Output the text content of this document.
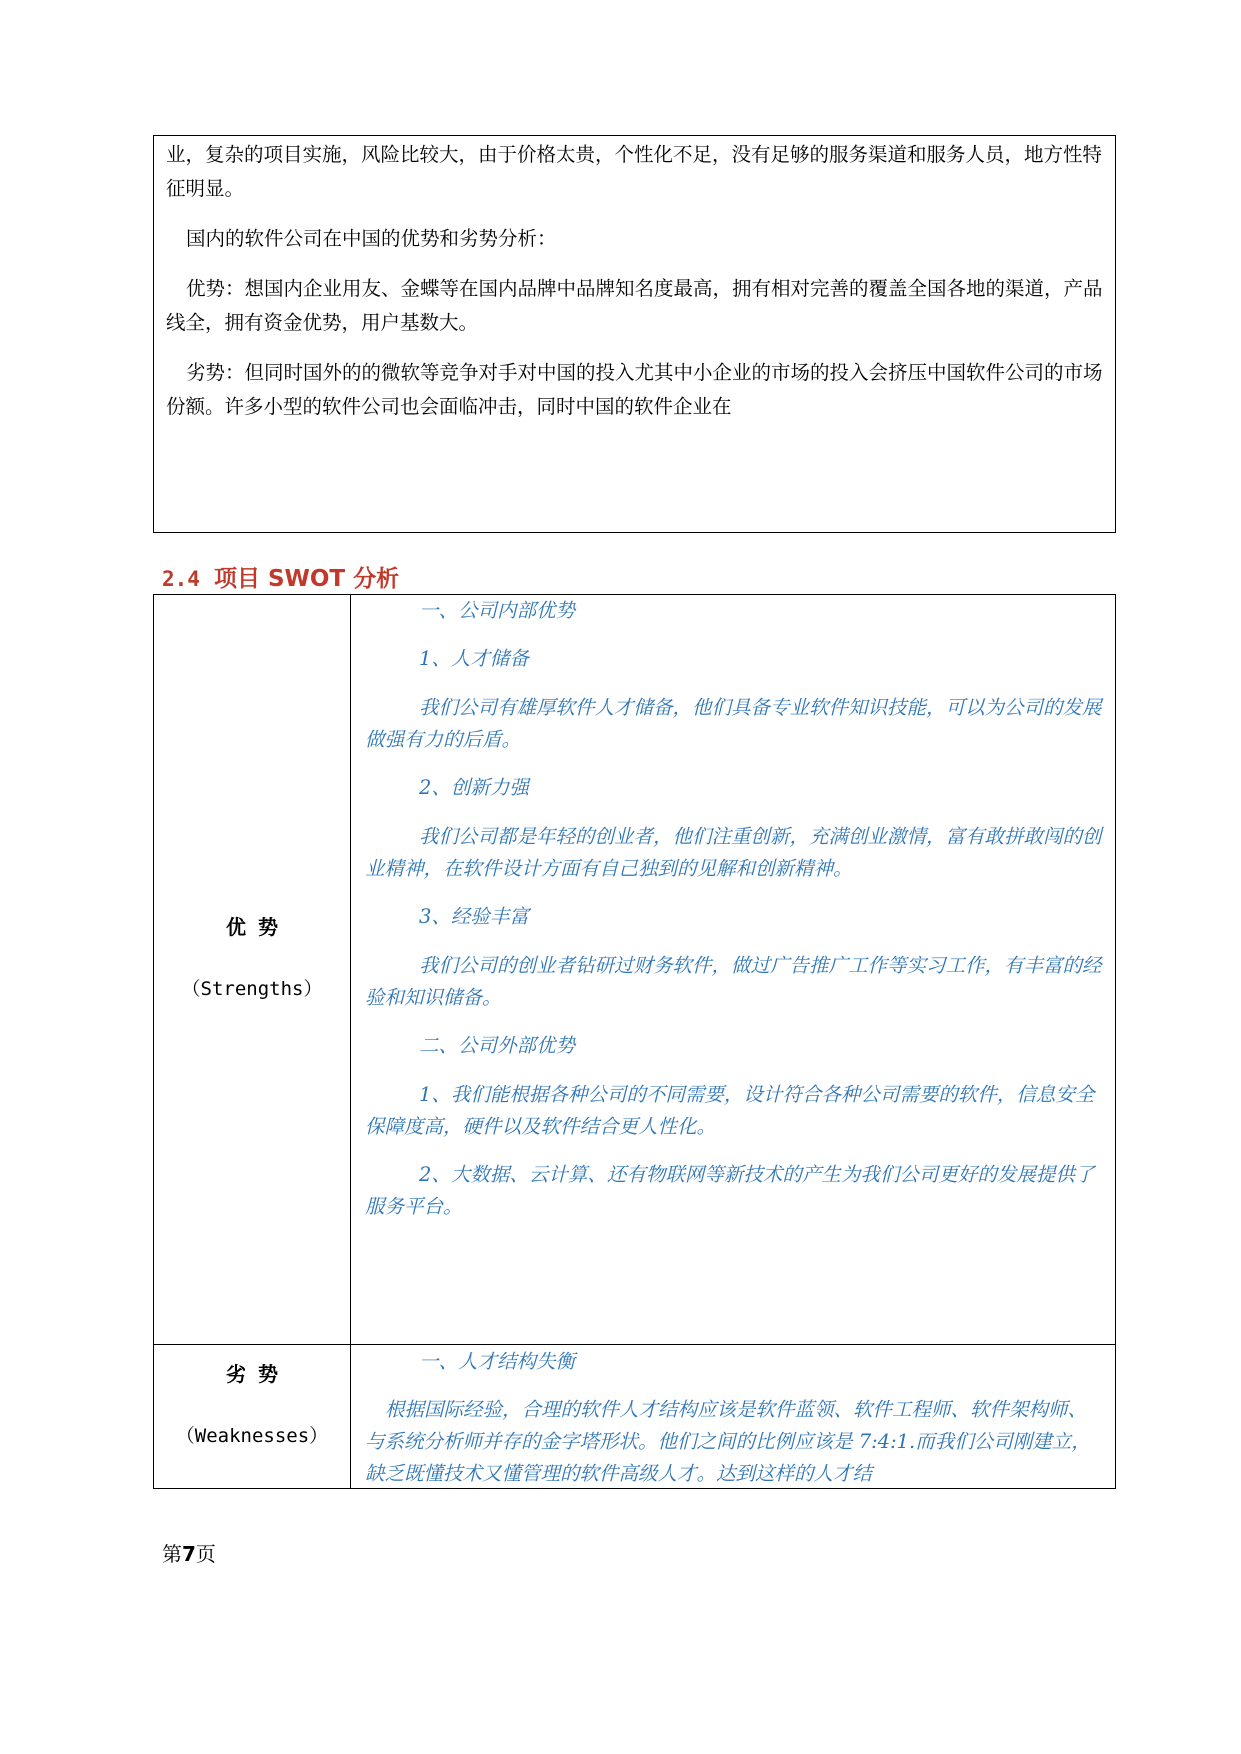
业，复杂的项目实施，风险比较大，由于价格太贵，个性化不足，没有足够的服务渠道和服务人员，地方性特征明显。

国内的软件公司在中国的优势和劣势分析：

优势：想国内企业用友、金蝶等在国内品牌中品牌知名度最高，拥有相对完善的覆盖全国各地的渠道，产品线全，拥有资金优势，用户基数大。

劣势：但同时国外的的微软等竞争对手对中国的投入尤其中小企业的市场的投入会挤压中国软件公司的市场份额。许多小型的软件公司也会面临冲击，同时中国的软件企业在

2.4 项目 SWOT 分析
优势
（Strengths）

一、公司内部优势

1、人才储备

我们公司有雄厚软件人才储备，他们具备专业软件知识技能，可以为公司的发展做强有力的后盾。

2、创新力强

我们公司都是年轻的创业者，他们注重创新，充满创业激情，富有敢拼敢闯的创业精神，在软件设计方面有自己独到的见解和创新精神。

3、经验丰富

我们公司的创业者钻研过财务软件，做过广告推广工作等实习工作，有丰富的经验和知识储备。

二、公司外部优势

1、我们能根据各种公司的不同需要，设计符合各种公司需要的软件，信息安全保障度高，硬件以及软件结合更人性化。

2、大数据、云计算、还有物联网等新技术的产生为我们公司更好的发展提供了服务平台。

劣势
（Weaknesses）

一、人才结构失衡

根据国际经验，合理的软件人才结构应该是软件蓝领、软件工程师、软件架构师、与系统分析师并存的金字塔形状。他们之间的比例应该是 7:4:1.而我们公司刚建立，缺乏既懂技术又懂管理的软件高级人才。达到这样的人才结

第7页
